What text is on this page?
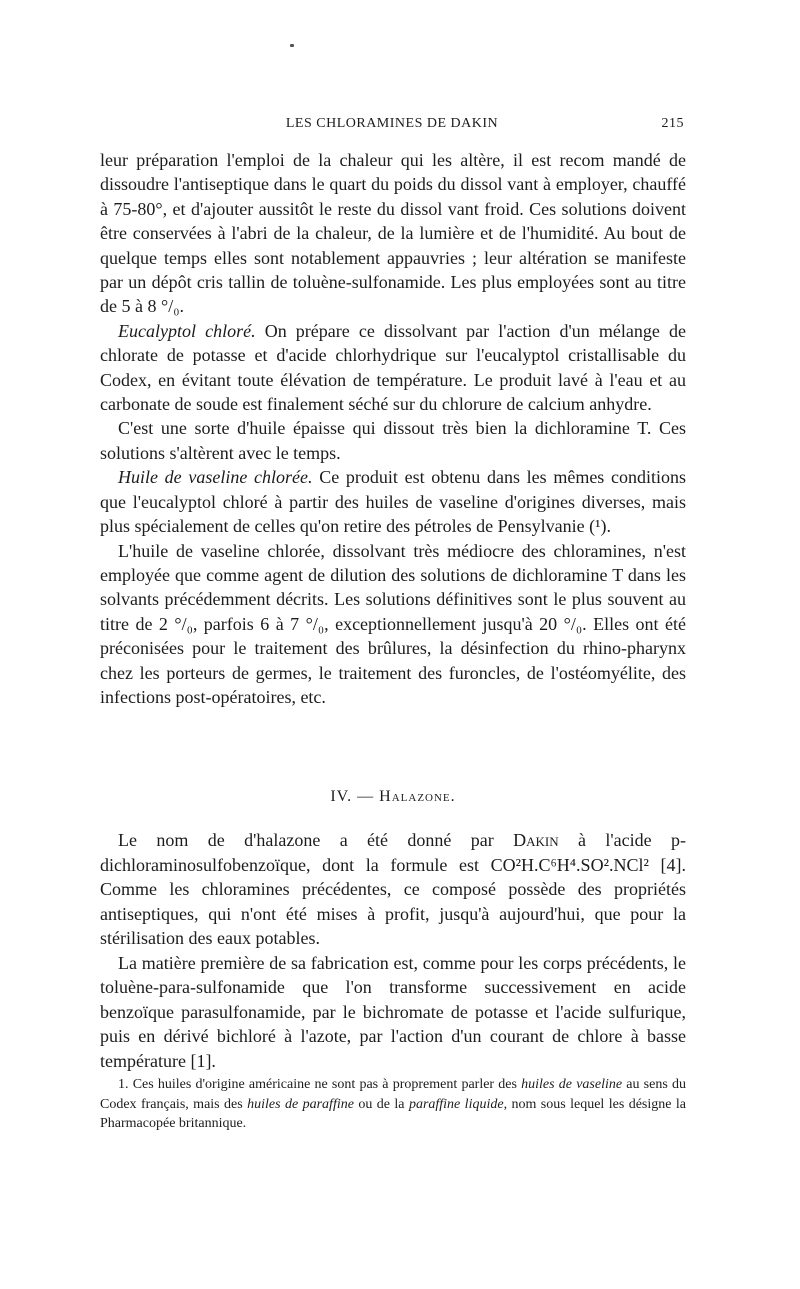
LES CHLORAMINES DE DAKIN	215

leur préparation l'emploi de la chaleur qui les altère, il est recom mandé de dissoudre l'antiseptique dans le quart du poids du dissol vant à employer, chauffé à 75-80°, et d'ajouter aussitôt le reste du dissol vant froid. Ces solutions doivent être conservées à l'abri de la chaleur, de la lumière et de l'humidité. Au bout de quelque temps elles sont notablement appauvries ; leur altération se manifeste par un dépôt cris tallin de toluène-sulfonamide. Les plus employées sont au titre de 5 à 8 °/₀.

Eucalyptol chloré. On prépare ce dissolvant par l'action d'un mélange de chlorate de potasse et d'acide chlorhydrique sur l'eucalyptol cristallisable du Codex, en évitant toute élévation de température. Le produit lavé à l'eau et au carbonate de soude est finalement séché sur du chlorure de calcium anhydre.

C'est une sorte d'huile épaisse qui dissout très bien la dichloramine T. Ces solutions s'altèrent avec le temps.

Huile de vaseline chlorée. Ce produit est obtenu dans les mêmes conditions que l'eucalyptol chloré à partir des huiles de vaseline d'origines diverses, mais plus spécialement de celles qu'on retire des pétroles de Pensylvanie (¹).

L'huile de vaseline chlorée, dissolvant très médiocre des chloramines, n'est employée que comme agent de dilution des solutions de dichloramine T dans les solvants précédemment décrits. Les solutions définitives sont le plus souvent au titre de 2 °/₀, parfois 6 à 7 °/₀, exceptionnellement jusqu'à 20 °/₀. Elles ont été préconisées pour le traitement des brûlures, la désinfection du rhino-pharynx chez les porteurs de germes, le traitement des furoncles, de l'ostéomyélite, des infections post-opératoires, etc.

IV. — Halazone.

Le nom de d'halazone a été donné par Dakin à l'acide p-dichloraminosulfobenzoïque, dont la formule est CO²H.C⁶H⁴.SO².NCl² [4]. Comme les chloramines précédentes, ce composé possède des propriétés antiseptiques, qui n'ont été mises à profit, jusqu'à aujourd'hui, que pour la stérilisation des eaux potables.

La matière première de sa fabrication est, comme pour les corps précédents, le toluène-para-sulfonamide que l'on transforme successivement en acide benzoïque parasulfonamide, par le bichromate de potasse et l'acide sulfurique, puis en dérivé bichloré à l'azote, par l'action d'un courant de chlore à basse température [1].

1. Ces huiles d'origine américaine ne sont pas à proprement parler des huiles de vaseline au sens du Codex français, mais des huiles de paraffine ou de la paraffine liquide, nom sous lequel les désigne la Pharmacopée britannique.
